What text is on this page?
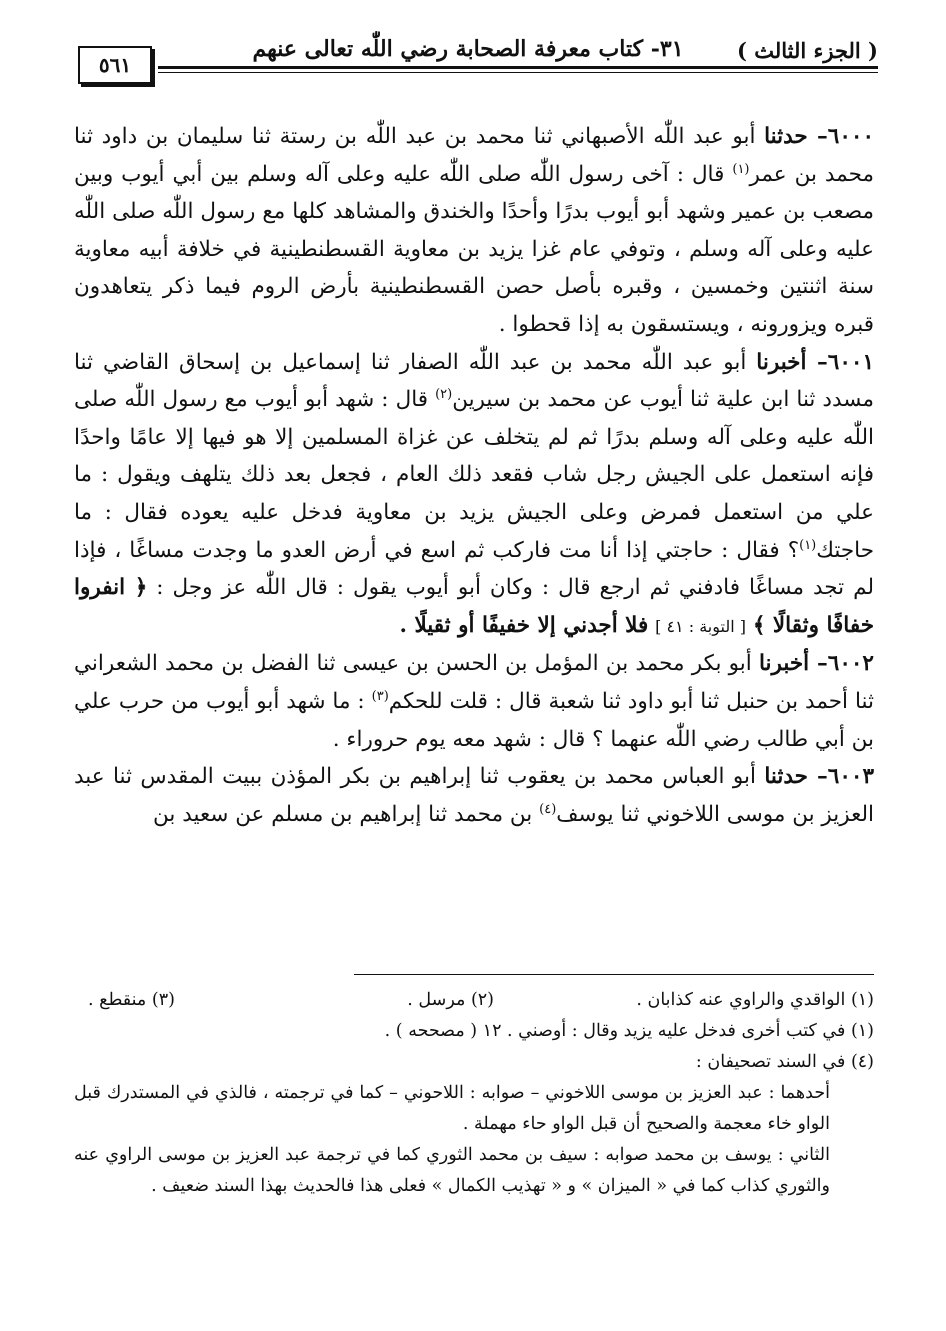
( الجزء الثالث )
٣١- كتاب معرفة الصحابة رضي اللّٰه تعالى عنهم
٥٦١

٦٠٠٠– حدثنا أبو عبد اللّٰه الأصبهاني ثنا محمد بن عبد اللّٰه بن رستة ثنا سليمان بن داود ثنا محمد بن عمر$^{(١)}$ قال : آخى رسول اللّٰه صلى اللّٰه عليه وعلى آله وسلم بين أبي أيوب وبين مصعب بن عمير وشهد أبو أيوب بدرًا وأحدًا والخندق والمشاهد كلها مع رسول اللّٰه صلى اللّٰه عليه وعلى آله وسلم ، وتوفي عام غزا يزيد بن معاوية القسطنطينية في خلافة أبيه معاوية سنة اثنتين وخمسين ، وقبره بأصل حصن القسطنطينية بأرض الروم فيما ذكر يتعاهدون قبره ويزورونه ، ويستسقون به إذا قحطوا .

٦٠٠١– أخبرنا أبو عبد اللّٰه محمد بن عبد اللّٰه الصفار ثنا إسماعيل بن إسحاق القاضي ثنا مسدد ثنا ابن علية ثنا أيوب عن محمد بن سيرين$^{(٢)}$ قال : شهد أبو أيوب مع رسول اللّٰه صلى اللّٰه عليه وعلى آله وسلم بدرًا ثم لم يتخلف عن غزاة المسلمين إلا هو فيها إلا عامًا واحدًا فإنه استعمل على الجيش رجل شاب فقعد ذلك العام ، فجعل بعد ذلك يتلهف ويقول : ما علي من استعمل فمرض وعلى الجيش يزيد بن معاوية فدخل عليه يعوده فقال : ما حاجتك$^{(١)}$؟ فقال : حاجتي إذا أنا مت فاركب ثم اسع في أرض العدو ما وجدت مساغًا ، فإذا لم تجد مساغًا فادفني ثم ارجع قال : وكان أبو أيوب يقول : قال اللّٰه عز وجل : ﴿ انفروا خفافًا وثقالًا ﴾ [ التوبة : ٤١ ] فلا أجدني إلا خفيفًا أو ثقيلًا .

٦٠٠٢– أخبرنا أبو بكر محمد بن المؤمل بن الحسن بن عيسى ثنا الفضل بن محمد الشعراني ثنا أحمد بن حنبل ثنا أبو داود ثنا شعبة قال : قلت للحكم$^{(٣)}$ : ما شهد أبو أيوب من حرب علي بن أبي طالب رضي اللّٰه عنهما ؟ قال : شهد معه يوم حروراء .

٦٠٠٣– حدثنا أبو العباس محمد بن يعقوب ثنا إبراهيم بن بكر المؤذن ببيت المقدس ثنا عبد العزيز بن موسى اللاخوني ثنا يوسف$^{(٤)}$ بن محمد ثنا إبراهيم بن مسلم عن سعيد بن

(١) الواقدي والراوي عنه كذابان .
(٢) مرسل .
(٣) منقطع .
(١) في كتب أخرى فدخل عليه يزيد وقال : أوصني . ١٢ ( مصححه ) .
(٤) في السند تصحيفان :

أحدهما : عبد العزيز بن موسى اللاخوني – صوابه : اللاحوني – كما في ترجمته ، فالذي في المستدرك قبل الواو خاء معجمة والصحيح أن قبل الواو حاء مهملة .

الثاني : يوسف بن محمد صوابه : سيف بن محمد الثوري كما في ترجمة عبد العزيز بن موسى الراوي عنه والثوري كذاب كما في « الميزان » و « تهذيب الكمال » فعلى هذا فالحديث بهذا السند ضعيف .
